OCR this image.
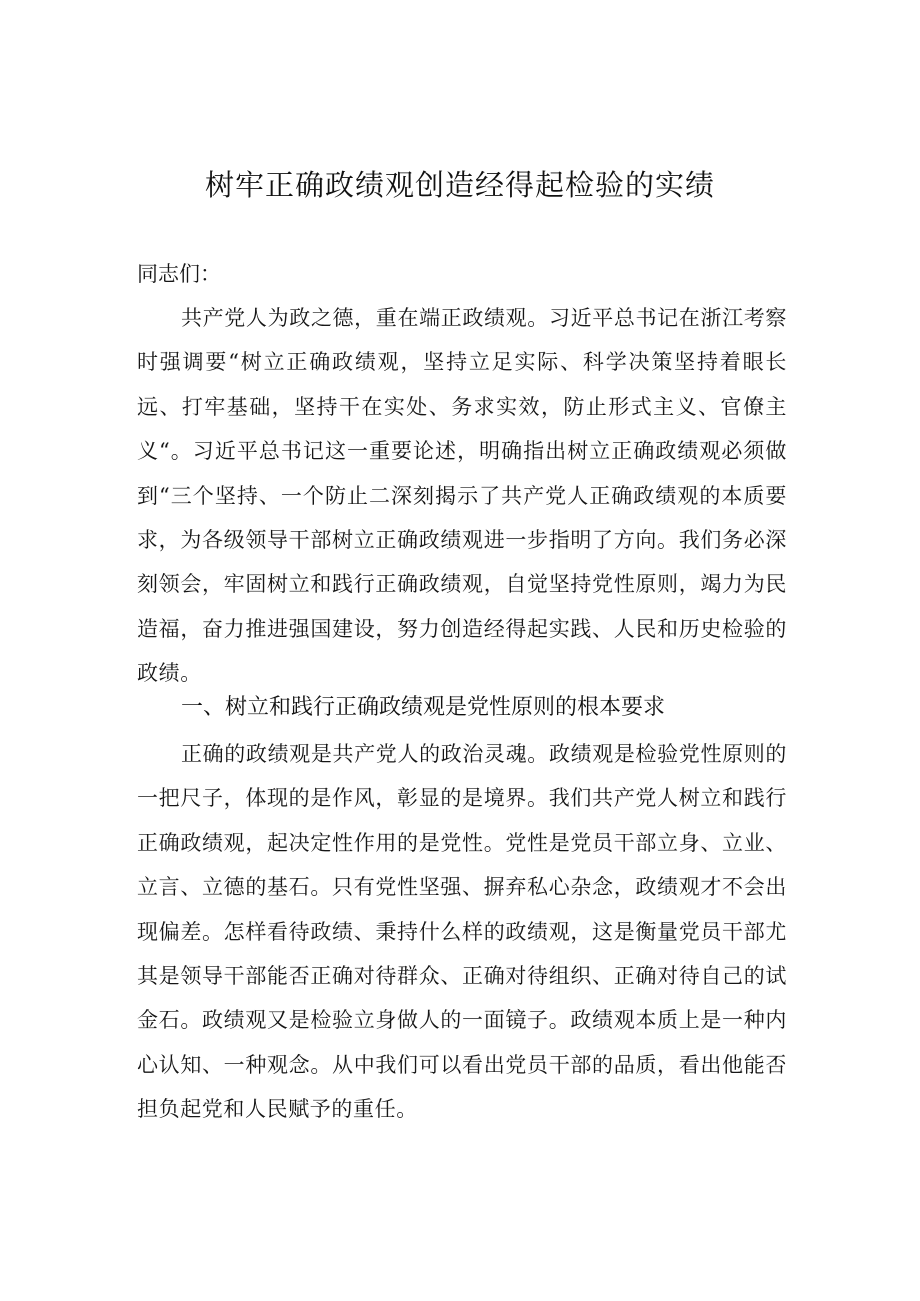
树牢正确政绩观创造经得起检验的实绩

同志们：

共产党人为政之德，重在端正政绩观。习近平总书记在浙江考察时强调要“树立正确政绩观，坚持立足实际、科学决策坚持着眼长远、打牢基础，坚持干在实处、务求实效，防止形式主义、官僚主义“。习近平总书记这一重要论述，明确指出树立正确政绩观必须做到“三个坚持、一个防止二深刻揭示了共产党人正确政绩观的本质要求，为各级领导干部树立正确政绩观进一步指明了方向。我们务必深刻领会，牢固树立和践行正确政绩观，自觉坚持党性原则，竭力为民造福，奋力推进强国建设，努力创造经得起实践、人民和历史检验的政绩。

一、树立和践行正确政绩观是党性原则的根本要求

正确的政绩观是共产党人的政治灵魂。政绩观是检验党性原则的一把尺子，体现的是作风，彰显的是境界。我们共产党人树立和践行正确政绩观，起决定性作用的是党性。党性是党员干部立身、立业、立言、立德的基石。只有党性坚强、摒弃私心杂念，政绩观才不会出现偏差。怎样看待政绩、秉持什么样的政绩观，这是衡量党员干部尤其是领导干部能否正确对待群众、正确对待组织、正确对待自己的试金石。政绩观又是检验立身做人的一面镜子。政绩观本质上是一种内心认知、一种观念。从中我们可以看出党员干部的品质，看出他能否担负起党和人民赋予的重任。
